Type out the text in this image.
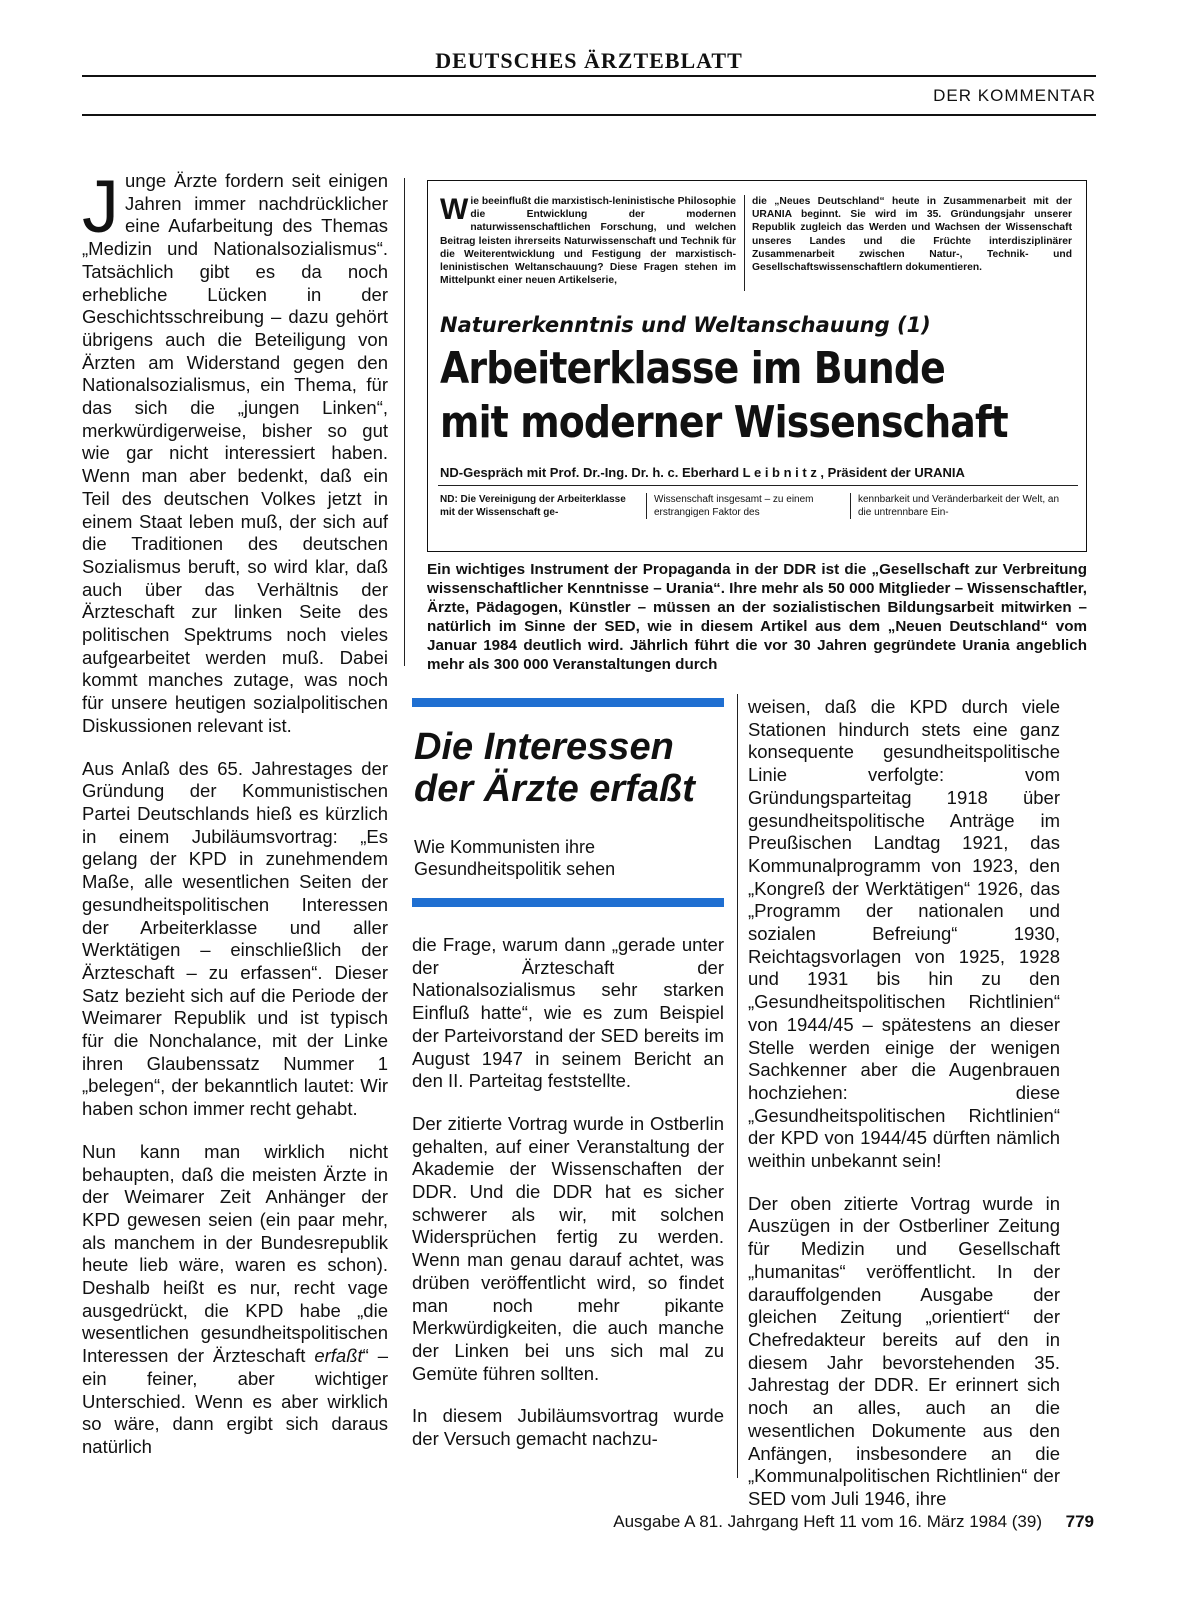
DEUTSCHES ÄRZTEBLATT
DER KOMMENTAR

Junge Ärzte fordern seit einigen Jahren immer nachdrücklicher eine Aufarbeitung des Themas „Medizin und Nationalsozialismus“. Tatsächlich gibt es da noch erhebliche Lücken in der Geschichtsschreibung – dazu gehört übrigens auch die Beteiligung von Ärzten am Widerstand gegen den Nationalsozialismus, ein Thema, für das sich die „jungen Linken“, merkwürdigerweise, bisher so gut wie gar nicht interessiert haben. Wenn man aber bedenkt, daß ein Teil des deutschen Volkes jetzt in einem Staat leben muß, der sich auf die Traditionen des deutschen Sozialismus beruft, so wird klar, daß auch über das Verhältnis der Ärzteschaft zur linken Seite des politischen Spektrums noch vieles aufgearbeitet werden muß. Dabei kommt manches zutage, was noch für unsere heutigen sozialpolitischen Diskussionen relevant ist.

Aus Anlaß des 65. Jahrestages der Gründung der Kommunistischen Partei Deutschlands hieß es kürzlich in einem Jubiläumsvortrag: „Es gelang der KPD in zunehmendem Maße, alle wesentlichen Seiten der gesundheitspolitischen Interessen der Arbeiterklasse und aller Werktätigen – einschließlich der Ärzteschaft – zu erfassen“. Dieser Satz bezieht sich auf die Periode der Weimarer Republik und ist typisch für die Nonchalance, mit der Linke ihren Glaubenssatz Nummer 1 „belegen“, der bekanntlich lautet: Wir haben schon immer recht gehabt.

Nun kann man wirklich nicht behaupten, daß die meisten Ärzte in der Weimarer Zeit Anhänger der KPD gewesen seien (ein paar mehr, als manchem in der Bundesrepublik heute lieb wäre, waren es schon). Deshalb heißt es nur, recht vage ausgedrückt, die KPD habe „die wesentlichen gesundheitspolitischen Interessen der Ärzteschaft erfaßt“ – ein feiner, aber wichtiger Unterschied. Wenn es aber wirklich so wäre, dann ergibt sich daraus natürlich

Wie beeinflußt die marxistisch-leninistische Philosophie die Entwicklung der modernen naturwissenschaftlichen Forschung, und welchen Beitrag leisten ihrerseits Naturwissenschaft und Technik für die Weiterentwicklung und Festigung der marxistisch-leninistischen Weltanschauung? Diese Fragen stehen im Mittelpunkt einer neuen Artikelserie,
die „Neues Deutschland“ heute in Zusammenarbeit mit der URANIA beginnt. Sie wird im 35. Gründungsjahr unserer Republik zugleich das Werden und Wachsen der Wissenschaft unseres Landes und die Früchte interdisziplinärer Zusammenarbeit zwischen Natur-, Technik- und Gesellschaftswissenschaftlern dokumentieren.
Naturerkenntnis und Weltanschauung (1)
Arbeiterklasse im Bunde
mit moderner Wissenschaft
ND-Gespräch mit Prof. Dr.-Ing. Dr. h. c. Eberhard L e i b n i t z , Präsident der URANIA
ND: Die Vereinigung der Arbeiterklasse mit der Wissenschaft ge-
Wissenschaft insgesamt – zu einem erstrangigen Faktor des
kennbarkeit und Veränderbarkeit der Welt, an die untrennbare Ein-
Ein wichtiges Instrument der Propaganda in der DDR ist die „Gesellschaft zur Verbreitung wissenschaftlicher Kenntnisse – Urania“. Ihre mehr als 50 000 Mitglieder – Wissenschaftler, Ärzte, Pädagogen, Künstler – müssen an der sozialistischen Bildungsarbeit mitwirken – natürlich im Sinne der SED, wie in diesem Artikel aus dem „Neuen Deutschland“ vom Januar 1984 deutlich wird. Jährlich führt die vor 30 Jahren gegründete Urania angeblich mehr als 300 000 Veranstaltungen durch
Die Interessen der Ärzte erfaßt
Wie Kommunisten ihre Gesundheitspolitik sehen

die Frage, warum dann „gerade unter der Ärzteschaft der Nationalsozialismus sehr starken Einfluß hatte“, wie es zum Beispiel der Parteivorstand der SED bereits im August 1947 in seinem Bericht an den II. Parteitag feststellte.

Der zitierte Vortrag wurde in Ostberlin gehalten, auf einer Veranstaltung der Akademie der Wissenschaften der DDR. Und die DDR hat es sicher schwerer als wir, mit solchen Widersprüchen fertig zu werden. Wenn man genau darauf achtet, was drüben veröffentlicht wird, so findet man noch mehr pikante Merkwürdigkeiten, die auch manche der Linken bei uns sich mal zu Gemüte führen sollten.

In diesem Jubiläumsvortrag wurde der Versuch gemacht nachzu-

weisen, daß die KPD durch viele Stationen hindurch stets eine ganz konsequente gesundheitspolitische Linie verfolgte: vom Gründungsparteitag 1918 über gesundheitspolitische Anträge im Preußischen Landtag 1921, das Kommunalprogramm von 1923, den „Kongreß der Werktätigen“ 1926, das „Programm der nationalen und sozialen Befreiung“ 1930, Reichtagsvorlagen von 1925, 1928 und 1931 bis hin zu den „Gesundheitspolitischen Richtlinien“ von 1944/45 – spätestens an dieser Stelle werden einige der wenigen Sachkenner aber die Augenbrauen hochziehen: diese „Gesundheitspolitischen Richtlinien“ der KPD von 1944/45 dürften nämlich weithin unbekannt sein!

Der oben zitierte Vortrag wurde in Auszügen in der Ostberliner Zeitung für Medizin und Gesellschaft „humanitas“ veröffentlicht. In der darauffolgenden Ausgabe der gleichen Zeitung „orientiert“ der Chefredakteur bereits auf den in diesem Jahr bevorstehenden 35. Jahrestag der DDR. Er erinnert sich noch an alles, auch an die wesentlichen Dokumente aus den Anfängen, insbesondere an die „Kommunalpolitischen Richtlinien“ der SED vom Juli 1946, ihre

Ausgabe A 81. Jahrgang Heft 11 vom 16. März 1984 (39) 779
